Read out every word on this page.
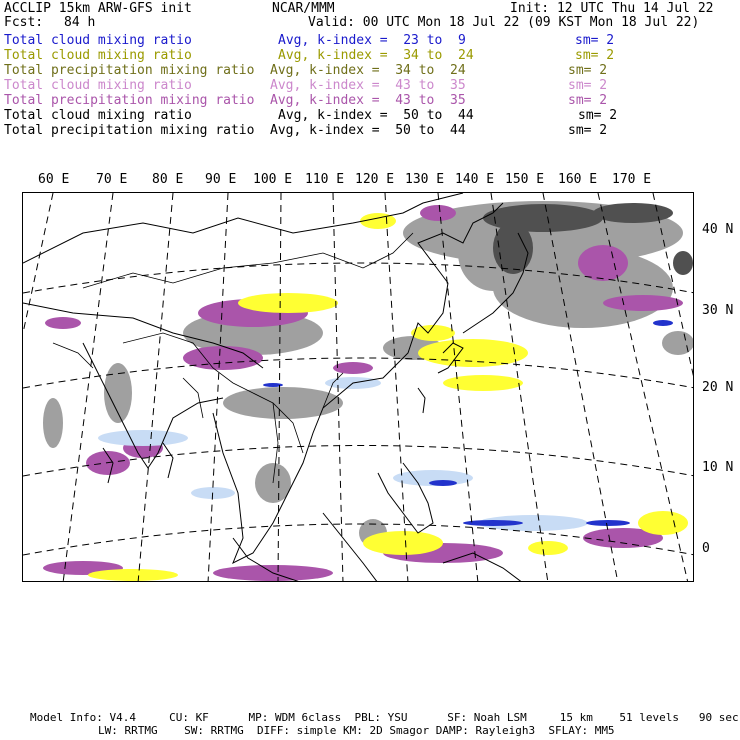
ACCLIP 15km ARW-GFS init	NCAR/MMM	Init: 12 UTC Thu 14 Jul 22
Fcst: 84 h	Valid: 00 UTC Mon 18 Jul 22 (09 KST Mon 18 Jul 22)
Total cloud mixing ratio	Avg, k-index =  23 to  9	sm= 2
Total cloud mixing ratio	Avg, k-index =  34 to  24	sm= 2
Total precipitation mixing ratio Avg, k-index =  34 to  24	sm= 2
Total cloud mixing ratio	Avg, k-index =  43 to  35	sm= 2
Total precipitation mixing ratio Avg, k-index =  43 to  35	sm= 2
Total cloud mixing ratio	Avg, k-index =  50 to  44	sm= 2
Total precipitation mixing ratio Avg, k-index =  50 to  44	sm= 2
60 E 70 E 80 E 90 E 100 E 110 E 120 E 130 E 140 E 150 E 160 E 170 E
40 N
30 N
20 N
10 N
0
Model Info: V4.4     CU: KF      MP: WDM 6class  PBL: YSU      SF: Noah LSM     15 km    51 levels   90 sec
LW: RRTMG    SW: RRTMG  DIFF: simple KM: 2D Smagor DAMP: Rayleigh3  SFLAY: MM5
